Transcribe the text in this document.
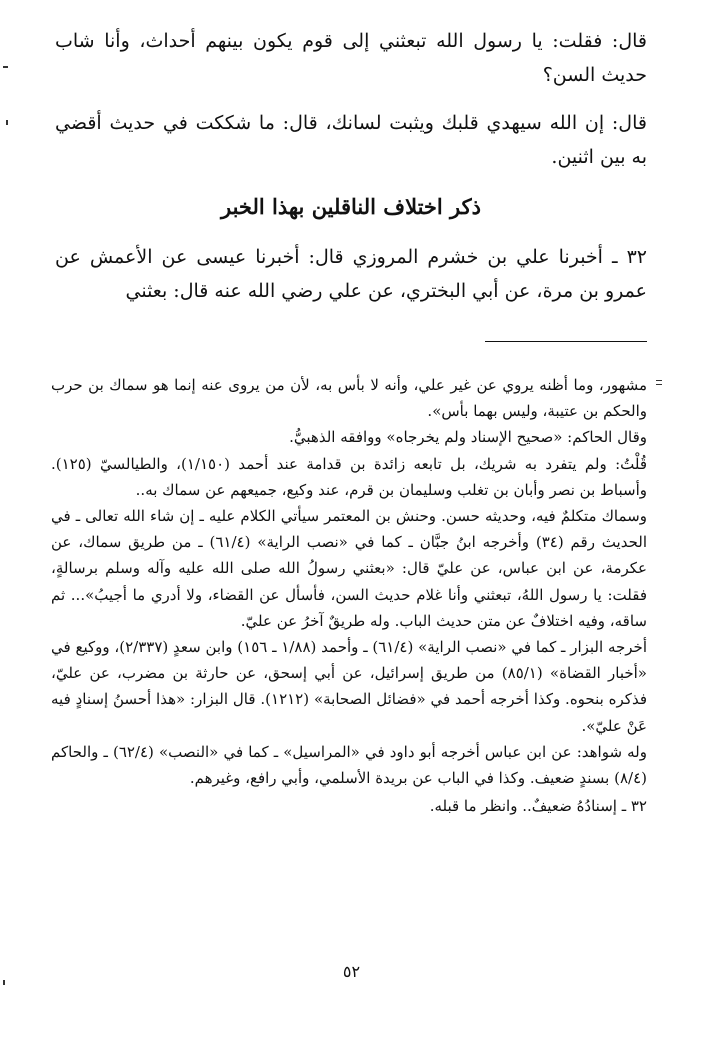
قال: فقلت: يا رسول الله تبعثني إلى قوم يكون بينهم أحداث، وأنا شاب حديث السن؟

قال: إن الله سيهدي قلبك ويثبت لسانك، قال: ما شككت في حديث أقضي به بين اثنين.

ذكر اختلاف الناقلين بهذا الخبر

٣٢ ـ أخبرنا علي بن خشرم المروزي قال: أخبرنا عيسى عن الأعمش عن عمرو بن مرة، عن أبي البختري، عن علي رضي الله عنه قال: بعثني

مشهور، وما أظنه يروي عن غير علي، وأنه لا بأس به، لأن من يروى عنه إنما هو سماك بن حرب والحكم بن عتيبة، وليس بهما بأس».

وقال الحاكم: «صحيح الإسناد ولم يخرجاه» ووافقه الذهبيُّ.

قُلْتُ: ولم يتفرد به شريك، بل تابعه زائدة بن قدامة عند أحمد (١/١٥٠)، والطيالسيّ (١٢٥). وأسباط بن نصر وأبان بن تغلب وسليمان بن قرم، عند وكيع، جميعهم عن سماك به..

وسماك متكلمٌ فيه، وحديثه حسن. وحنش بن المعتمر سيأتي الكلام عليه ـ إن شاء الله تعالى ـ في الحديث رقم (٣٤) وأخرجه ابنُ جبَّان ـ كما في «نصب الراية» (٦١/٤) ـ من طريق سماك، عن عكرمة، عن ابن عباس، عن عليّ قال: «بعثني رسولُ الله صلى الله عليه وآله وسلم برسالةٍ، فقلت: يا رسول اللهُ، تبعثني وأنا غلام حديث السن، فأسأل عن القضاء، ولا أدري ما أجيبُ»... ثم ساقه، وفيه اختلافٌ عن متن حديث الباب. وله طريقٌ آخرُ عن عليّ.

أخرجه البزار ـ كما في «نصب الراية» (٦١/٤) ـ وأحمد (١/٨٨ ـ ١٥٦) وابن سعدٍ (٢/٣٣٧)، ووكيع في «أخبار القضاة» (٨٥/١) من طريق إسرائيل، عن أبي إسحق، عن حارثة بن مضرب، عن عليّ، فذكره بنحوه. وكذا أخرجه أحمد في «فضائل الصحابة» (١٢١٢). قال البزار: «هذا أحسنُ إسنادٍ فيه عَنْ عليّ».

وله شواهد: عن ابن عباس أخرجه أبو داود في «المراسيل» ـ كما في «النصب» (٦٢/٤) ـ والحاكم (٨/٤) بسندٍ ضعيف. وكذا في الباب عن بريدة الأسلمي، وأبي رافع، وغيرهم.

٣٢ ـ إسنادُهُ ضعيفٌ.. وانظر ما قبله.

٥٢
